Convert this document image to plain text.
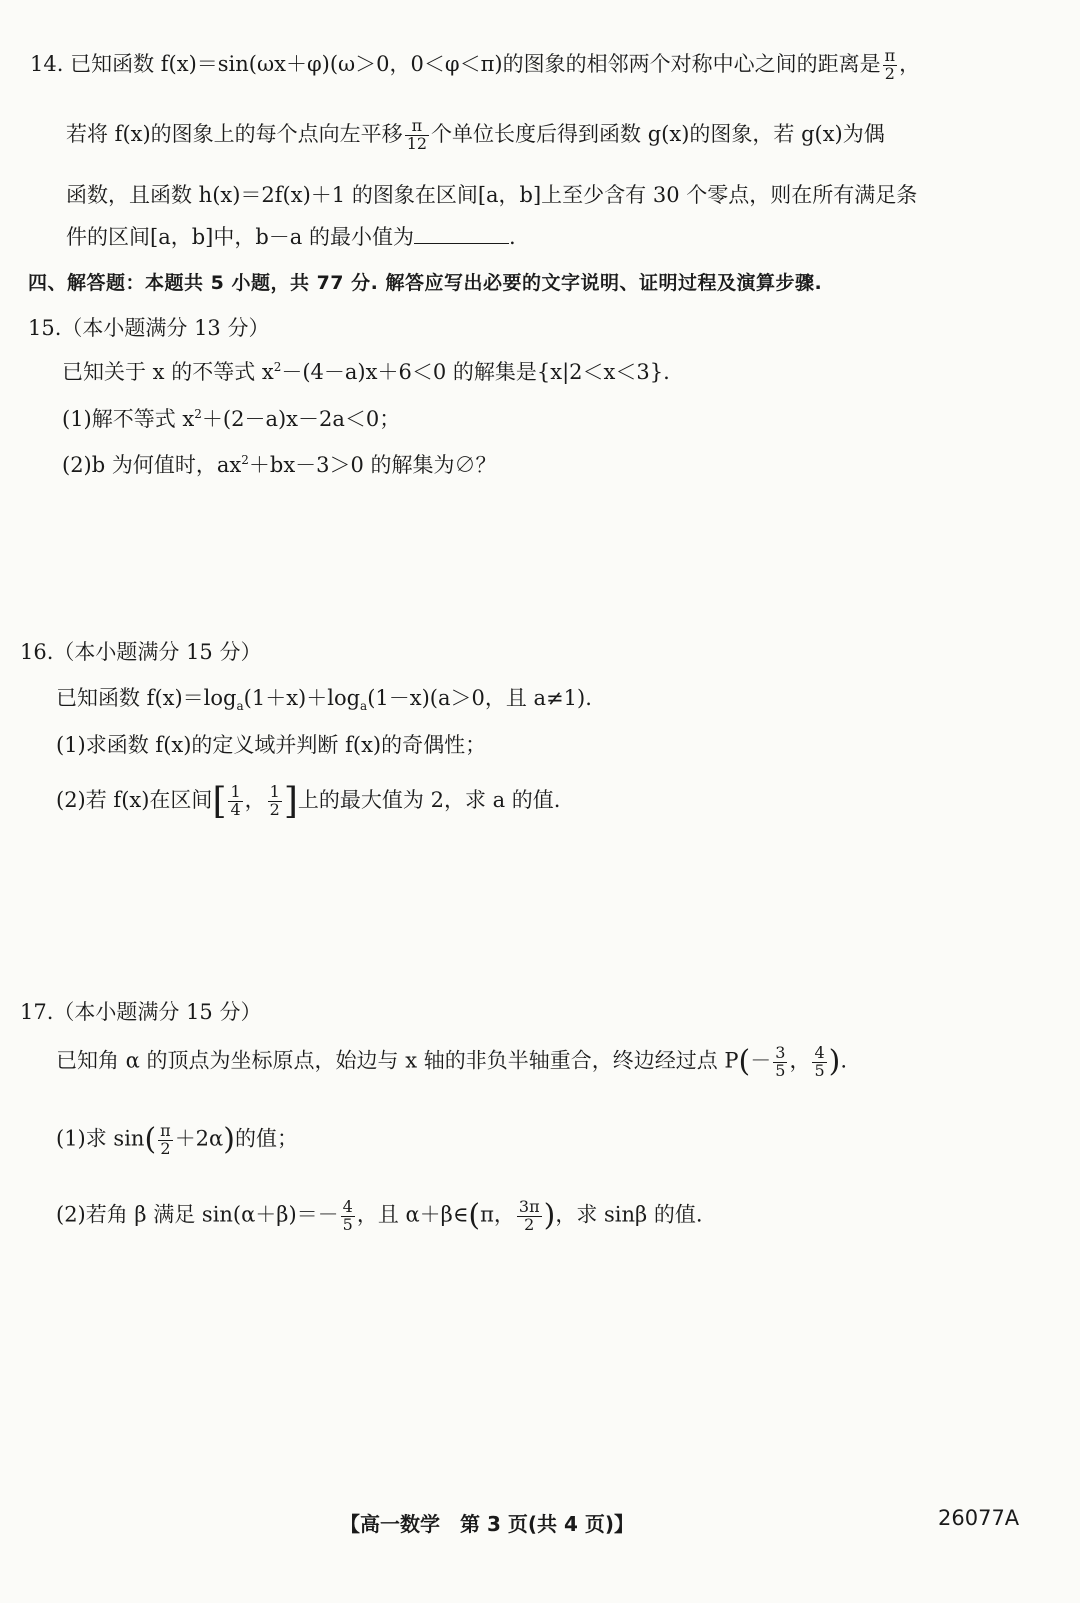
14. 已知函数 f(x)＝sin(ωx＋φ)(ω＞0，0＜φ＜π)的图象的相邻两个对称中心之间的距离是 $\frac{\pi}{2}$ ，
若将 f(x)的图象上的每个点向左平移 $\frac{\pi}{12}$ 个单位长度后得到函数 g(x)的图象，若 g(x)为偶
函数，且函数 h(x)＝2f(x)＋1 的图象在区间[a，b]上至少含有 30 个零点，则在所有满足条
件的区间[a，b]中，b－a 的最小值为	.
四、解答题：本题共 5 小题，共 77 分. 解答应写出必要的文字说明、证明过程及演算步骤.
15.（本小题满分 13 分）
已知关于 x 的不等式 $x^2-(4-a)x+6<0$ 的解集是{x|2＜x＜3}.
(1)解不等式 $x^2+(2-a)x-2a<0$；
(2)b 为何值时，$ax^2+bx-3>0$ 的解集为∅？
16.（本小题满分 15 分）
已知函数 $f(x)=\log_a(1+x)+\log_a(1-x)(a>0$，且 a≠1).
(1)求函数 f(x)的定义域并判断 f(x)的奇偶性；
(2)若 f(x)在区间[ $\frac{1}{4}$ ， $\frac{1}{2}$ ]上的最大值为 2，求 a 的值.
17.（本小题满分 15 分）
已知角 α 的顶点为坐标原点，始边与 x 轴的非负半轴重合，终边经过点 $P(- \frac{3}{5}$ ， $\frac{4}{5}$ ).
(1)求 $\sin( \frac{\pi}{2} +2\alpha)$的值；
(2)若角 β 满足 $\sin(\alpha+\beta)=- \frac{4}{5}$ ，且 α＋β∈(π， $\frac{3\pi}{2}$ )，求 sinβ 的值.
【高一数学　第 3 页(共 4 页)】	26077A
